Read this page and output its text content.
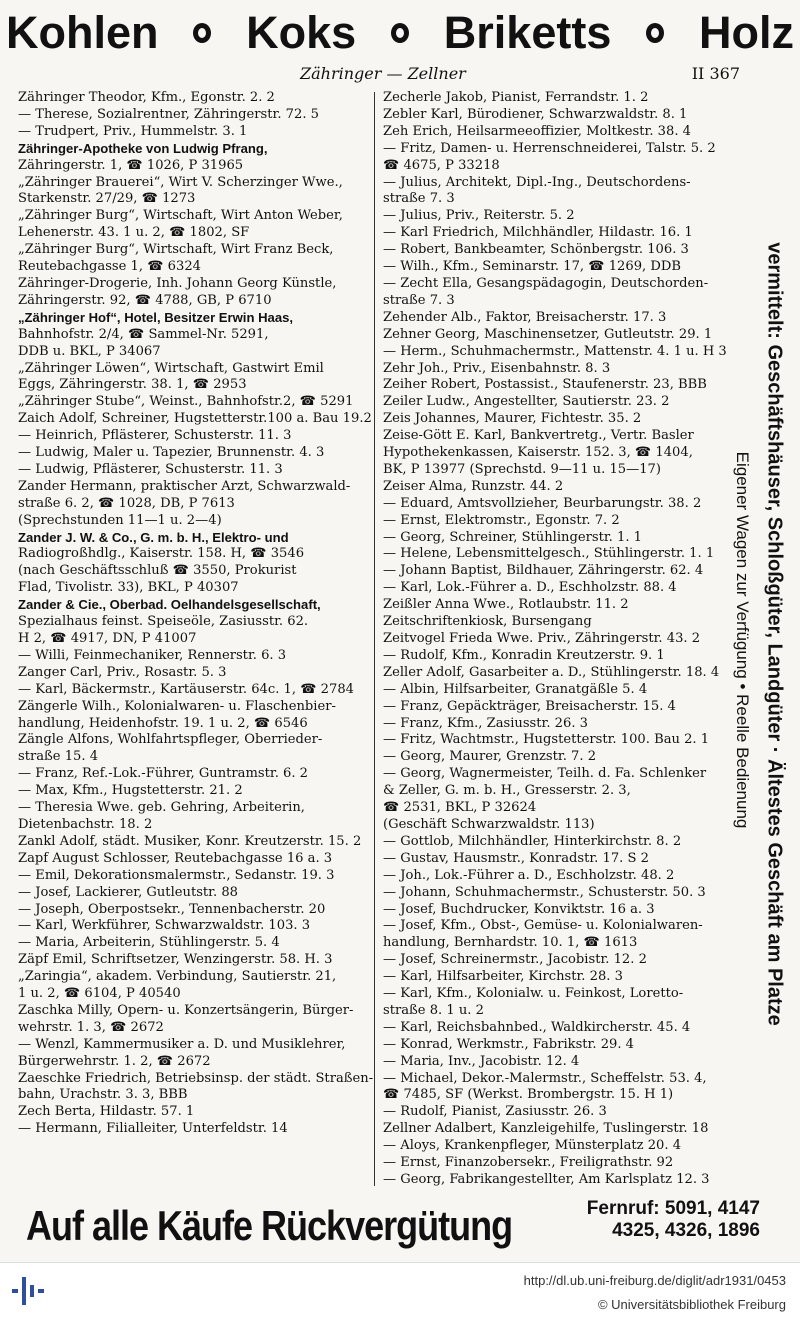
Kohlen Koks Briketts Holz
Zähringer — Zellner	II 367
Zähringer Theodor, Kfm., Egonstr. 2. 2
— Therese, Sozialrentner, Zähringerstr. 72. 5
— Trudpert, Priv., Hummelstr. 3. 1
Zähringer-Apotheke von Ludwig Pfrang,
Zähringerstr. 1, ☎ 1026, P 31965
„Zähringer Brauerei“, Wirt V. Scherzinger Wwe.,
Starkenstr. 27/29, ☎ 1273
„Zähringer Burg“, Wirtschaft, Wirt Anton Weber,
Lehenerstr. 43. 1 u. 2, ☎ 1802, SF
„Zähringer Burg“, Wirtschaft, Wirt Franz Beck,
Reutebachgasse 1, ☎ 6324
Zähringer-Drogerie, Inh. Johann Georg Künstle,
Zähringerstr. 92, ☎ 4788, GB, P 6710
„Zähringer Hof“, Hotel, Besitzer Erwin Haas,
Bahnhofstr. 2/4, ☎ Sammel-Nr. 5291,
DDB u. BKL, P 34067
„Zähringer Löwen“, Wirtschaft, Gastwirt Emil
Eggs, Zähringerstr. 38. 1, ☎ 2953
„Zähringer Stube“, Weinst., Bahnhofstr.2, ☎ 5291
Zaich Adolf, Schreiner, Hugstetterstr.100 a. Bau 19.2
— Heinrich, Pflästerer, Schusterstr. 11. 3
— Ludwig, Maler u. Tapezier, Brunnenstr. 4. 3
— Ludwig, Pflästerer, Schusterstr. 11. 3
Zander Hermann, praktischer Arzt, Schwarzwald-
straße 6. 2, ☎ 1028, DB, P 7613
(Sprechstunden 11—1 u. 2—4)
Zander J. W. & Co., G. m. b. H., Elektro- und
Radiogroßhdlg., Kaiserstr. 158. H, ☎ 3546
(nach Geschäftsschluß ☎ 3550, Prokurist
Flad, Tivolistr. 33), BKL, P 40307
Zander & Cie., Oberbad. Oelhandelsgesellschaft,
Spezialhaus feinst. Speiseöle, Zasiusstr. 62.
H 2, ☎ 4917, DN, P 41007
— Willi, Feinmechaniker, Rennerstr. 6. 3
Zanger Carl, Priv., Rosastr. 5. 3
— Karl, Bäckermstr., Kartäuserstr. 64c. 1, ☎ 2784
Zängerle Wilh., Kolonialwaren- u. Flaschenbier-
handlung, Heidenhofstr. 19. 1 u. 2, ☎ 6546
Zängle Alfons, Wohlfahrtspfleger, Oberrieder-
straße 15. 4
— Franz, Ref.-Lok.-Führer, Guntramstr. 6. 2
— Max, Kfm., Hugstetterstr. 21. 2
— Theresia Wwe. geb. Gehring, Arbeiterin,
Dietenbachstr. 18. 2
Zankl Adolf, städt. Musiker, Konr. Kreutzerstr. 15. 2
Zapf August Schlosser, Reutebachgasse 16 a. 3
— Emil, Dekorationsmalermstr., Sedanstr. 19. 3
— Josef, Lackierer, Gutleutstr. 88
— Joseph, Oberpostsekr., Tennenbacherstr. 20
— Karl, Werkführer, Schwarzwaldstr. 103. 3
— Maria, Arbeiterin, Stühlingerstr. 5. 4
Zäpf Emil, Schriftsetzer, Wenzingerstr. 58. H. 3
„Zaringia“, akadem. Verbindung, Sautierstr. 21,
1 u. 2, ☎ 6104, P 40540
Zaschka Milly, Opern- u. Konzertsängerin, Bürger-
wehrstr. 1. 3, ☎ 2672
— Wenzl, Kammermusiker a. D. und Musiklehrer,
Bürgerwehrstr. 1. 2, ☎ 2672
Zaeschke Friedrich, Betriebsinsp. der städt. Straßen-
bahn, Urachstr. 3. 3, BBB
Zech Berta, Hildastr. 57. 1
— Hermann, Filialleiter, Unterfeldstr. 14
Zecherle Jakob, Pianist, Ferrandstr. 1. 2
Zebler Karl, Bürodiener, Schwarzwaldstr. 8. 1
Zeh Erich, Heilsarmeeoffizier, Moltkestr. 38. 4
— Fritz, Damen- u. Herrenschneiderei, Talstr. 5. 2
☎ 4675, P 33218
— Julius, Architekt, Dipl.-Ing., Deutschordens-
straße 7. 3
— Julius, Priv., Reiterstr. 5. 2
— Karl Friedrich, Milchhändler, Hildastr. 16. 1
— Robert, Bankbeamter, Schönbergstr. 106. 3
— Wilh., Kfm., Seminarstr. 17, ☎ 1269, DDB
— Zecht Ella, Gesangspädagogin, Deutschorden-
straße 7. 3
Zehender Alb., Faktor, Breisacherstr. 17. 3
Zehner Georg, Maschinensetzer, Gutleutstr. 29. 1
— Herm., Schuhmachermstr., Mattenstr. 4. 1 u. H 3
Zehr Joh., Priv., Eisenbahnstr. 8. 3
Zeiher Robert, Postassist., Staufenerstr. 23, BBB
Zeiler Ludw., Angestellter, Sautierstr. 23. 2
Zeis Johannes, Maurer, Fichtestr. 35. 2
Zeise-Gött E. Karl, Bankvertretg., Vertr. Basler
Hypothekenkassen, Kaiserstr. 152. 3, ☎ 1404,
BK, P 13977 (Sprechstd. 9—11 u. 15—17)
Zeiser Alma, Runzstr. 44. 2
— Eduard, Amtsvollzieher, Beurbarungstr. 38. 2
— Ernst, Elektromstr., Egonstr. 7. 2
— Georg, Schreiner, Stühlingerstr. 1. 1
— Helene, Lebensmittelgesch., Stühlingerstr. 1. 1
— Johann Baptist, Bildhauer, Zähringerstr. 62. 4
— Karl, Lok.-Führer a. D., Eschholzstr. 88. 4
Zeißler Anna Wwe., Rotlaubstr. 11. 2
Zeitschriftenkiosk, Bursengang
Zeitvogel Frieda Wwe. Priv., Zähringerstr. 43. 2
— Rudolf, Kfm., Konradin Kreutzerstr. 9. 1
Zeller Adolf, Gasarbeiter a. D., Stühlingerstr. 18. 4
— Albin, Hilfsarbeiter, Granatgäßle 5. 4
— Franz, Gepäckträger, Breisacherstr. 15. 4
— Franz, Kfm., Zasiusstr. 26. 3
— Fritz, Wachtmstr., Hugstetterstr. 100. Bau 2. 1
— Georg, Maurer, Grenzstr. 7. 2
— Georg, Wagnermeister, Teilh. d. Fa. Schlenker
& Zeller, G. m. b. H., Gresserstr. 2. 3,
☎ 2531, BKL, P 32624
(Geschäft Schwarzwaldstr. 113)
— Gottlob, Milchhändler, Hinterkirchstr. 8. 2
— Gustav, Hausmstr., Konradstr. 17. S 2
— Joh., Lok.-Führer a. D., Eschholzstr. 48. 2
— Johann, Schuhmachermstr., Schusterstr. 50. 3
— Josef, Buchdrucker, Konviktstr. 16 a. 3
— Josef, Kfm., Obst-, Gemüse- u. Kolonialwaren-
handlung, Bernhardstr. 10. 1, ☎ 1613
— Josef, Schreinermstr., Jacobistr. 12. 2
— Karl, Hilfsarbeiter, Kirchstr. 28. 3
— Karl, Kfm., Kolonialw. u. Feinkost, Loretto-
straße 8. 1 u. 2
— Karl, Reichsbahnbed., Waldkircherstr. 45. 4
— Konrad, Werkmstr., Fabrikstr. 29. 4
— Maria, Inv., Jacobistr. 12. 4
— Michael, Dekor.-Malermstr., Scheffelstr. 53. 4,
☎ 7485, SF (Werkst. Brombergstr. 15. H 1)
— Rudolf, Pianist, Zasiusstr. 26. 3
Zellner Adalbert, Kanzleigehilfe, Tuslingerstr. 18
— Aloys, Krankenpfleger, Münsterplatz 20. 4
— Ernst, Finanzobersekr., Freiligrathstr. 92
— Georg, Fabrikangestellter, Am Karlsplatz 12. 3
Eigener Wagen zur Verfügung • Reelle Bedienung vermittelt: Geschäftshäuser, Schloßgüter, Landgüter · Ältestes Geschäft am Platze
Auf alle Käufe Rückvergütung	Fernruf: 5091, 4147
4325, 4326, 1896
http://dl.ub.uni-freiburg.de/diglit/adr1931/0453
© Universitätsbibliothek Freiburg
